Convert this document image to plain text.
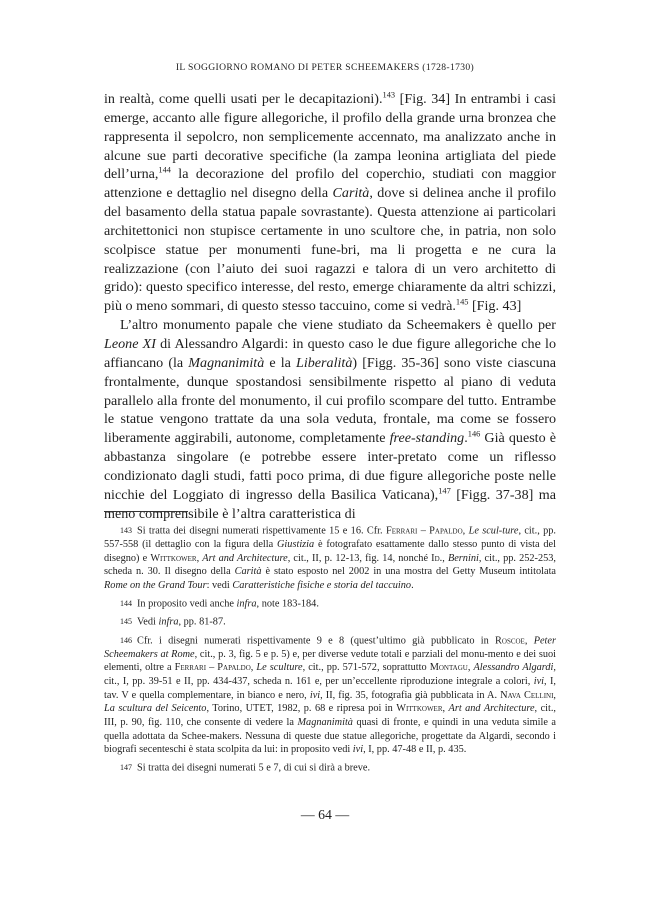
IL SOGGIORNO ROMANO DI PETER SCHEEMAKERS (1728-1730)

in realtà, come quelli usati per le decapitazioni).$^{143}$ [Fig. 34] In entrambi i casi emerge, accanto alle figure allegoriche, il profilo della grande urna bronzea che rappresenta il sepolcro, non semplicemente accennato, ma analizzato anche in alcune sue parti decorative specifiche (la zampa leonina artigliata del piede dell’urna,$^{144}$ la decorazione del profilo del coperchio, studiati con maggior attenzione e dettaglio nel disegno della Carità, dove si delinea anche il profilo del basamento della statua papale sovrastante). Questa attenzione ai particolari architettonici non stupisce certamente in uno scultore che, in patria, non solo scolpisce statue per monumenti fune-bri, ma li progetta e ne cura la realizzazione (con l’aiuto dei suoi ragazzi e talora di un vero architetto di grido): questo specifico interesse, del resto, emerge chiaramente da altri schizzi, più o meno sommari, di questo stesso taccuino, come si vedrà.$^{145}$ [Fig. 43]

L’altro monumento papale che viene studiato da Scheemakers è quello per Leone XI di Alessandro Algardi: in questo caso le due figure allegoriche che lo affiancano (la Magnanimità e la Liberalità) [Figg. 35-36] sono viste ciascuna frontalmente, dunque spostandosi sensibilmente rispetto al piano di veduta parallelo alla fronte del monumento, il cui profilo scompare del tutto. Entrambe le statue vengono trattate da una sola veduta, frontale, ma come se fossero liberamente aggirabili, autonome, completamente free-standing.$^{146}$ Già questo è abbastanza singolare (e potrebbe essere inter-pretato come un riflesso condizionato dagli studi, fatti poco prima, di due figure allegoriche poste nelle nicchie del Loggiato di ingresso della Basilica Vaticana),$^{147}$ [Figg. 37-38] ma meno comprensibile è l’altra caratteristica di

143 Si tratta dei disegni numerati rispettivamente 15 e 16. Cfr. Ferrari – Papaldo, Le scul-ture, cit., pp. 557-558 (il dettaglio con la figura della Giustizia è fotografato esattamente dallo stesso punto di vista del disegno) e Wittkower, Art and Architecture, cit., II, p. 12-13, fig. 14, nonché Id., Bernini, cit., pp. 252-253, scheda n. 30. Il disegno della Carità è stato esposto nel 2002 in una mostra del Getty Museum intitolata Rome on the Grand Tour: vedi Caratteristiche fisiche e storia del taccuino.

144 In proposito vedi anche infra, note 183-184.

145 Vedi infra, pp. 81-87.

146 Cfr. i disegni numerati rispettivamente 9 e 8 (quest’ultimo già pubblicato in Roscoe, Peter Scheemakers at Rome, cit., p. 3, fig. 5 e p. 5) e, per diverse vedute totali e parziali del monu-mento e dei suoi elementi, oltre a Ferrari – Papaldo, Le sculture, cit., pp. 571-572, soprattutto Montagu, Alessandro Algardi, cit., I, pp. 39-51 e II, pp. 434-437, scheda n. 161 e, per un’eccellente riproduzione integrale a colori, ivi, I, tav. V e quella complementare, in bianco e nero, ivi, II, fig. 35, fotografia già pubblicata in A. Nava Cellini, La scultura del Seicento, Torino, UTET, 1982, p. 68 e ripresa poi in Wittkower, Art and Architecture, cit., III, p. 90, fig. 110, che consente di vedere la Magnanimità quasi di fronte, e quindi in una veduta simile a quella adottata da Schee-makers. Nessuna di queste due statue allegoriche, progettate da Algardi, secondo i biografi secenteschi è stata scolpita da lui: in proposito vedi ivi, I, pp. 47-48 e II, p. 435.

147 Si tratta dei disegni numerati 5 e 7, di cui si dirà a breve.

— 64 —
